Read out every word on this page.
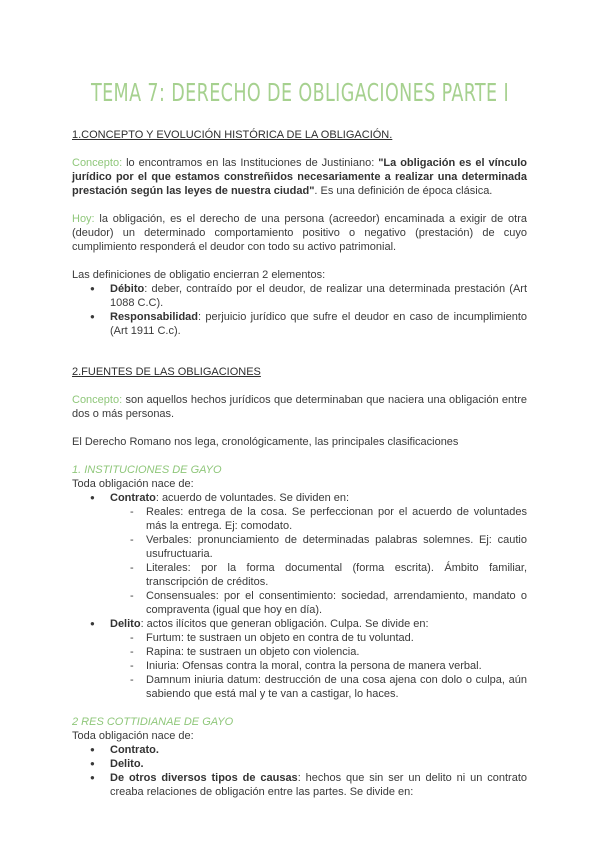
TEMA 7: DERECHO DE OBLIGACIONES PARTE I

1.CONCEPTO Y EVOLUCIÓN HISTÓRICA DE LA OBLIGACIÓN.

Concepto: lo encontramos en las Instituciones de Justiniano: "La obligación es el vínculo jurídico por el que estamos constreñidos necesariamente a realizar una determinada prestación según las leyes de nuestra ciudad". Es una definición de época clásica.

Hoy: la obligación, es el derecho de una persona (acreedor) encaminada a exigir de otra (deudor) un determinado comportamiento positivo o negativo (prestación) de cuyo cumplimiento responderá el deudor con todo su activo patrimonial.

Las definiciones de obligatio encierran 2 elementos:

● Débito: deber, contraído por el deudor, de realizar una determinada prestación (Art 1088 C.C).
● Responsabilidad: perjuicio jurídico que sufre el deudor en caso de incumplimiento (Art 1911 C.c).

2.FUENTES DE LAS OBLIGACIONES

Concepto: son aquellos hechos jurídicos que determinaban que naciera una obligación entre dos o más personas.

El Derecho Romano nos lega, cronológicamente, las principales clasificaciones

1. INSTITUCIONES DE GAYO

Toda obligación nace de:

● Contrato: acuerdo de voluntades. Se dividen en:
- Reales: entrega de la cosa. Se perfeccionan por el acuerdo de voluntades más la entrega. Ej: comodato.
- Verbales: pronunciamiento de determinadas palabras solemnes. Ej: cautio usufructuaria.
- Literales: por la forma documental (forma escrita). Ámbito familiar, transcripción de créditos.
- Consensuales: por el consentimiento: sociedad, arrendamiento, mandato o compraventa (igual que hoy en día).
● Delito: actos ilícitos que generan obligación. Culpa. Se divide en:
- Furtum: te sustraen un objeto en contra de tu voluntad.
- Rapina: te sustraen un objeto con violencia.
- Iniuria: Ofensas contra la moral, contra la persona de manera verbal.
- Damnum iniuria datum: destrucción de una cosa ajena con dolo o culpa, aún sabiendo que está mal y te van a castigar, lo haces.

2 RES COTTIDIANAE DE GAYO

Toda obligación nace de:

● Contrato.
● Delito.
● De otros diversos tipos de causas: hechos que sin ser un delito ni un contrato creaba relaciones de obligación entre las partes. Se divide en:
